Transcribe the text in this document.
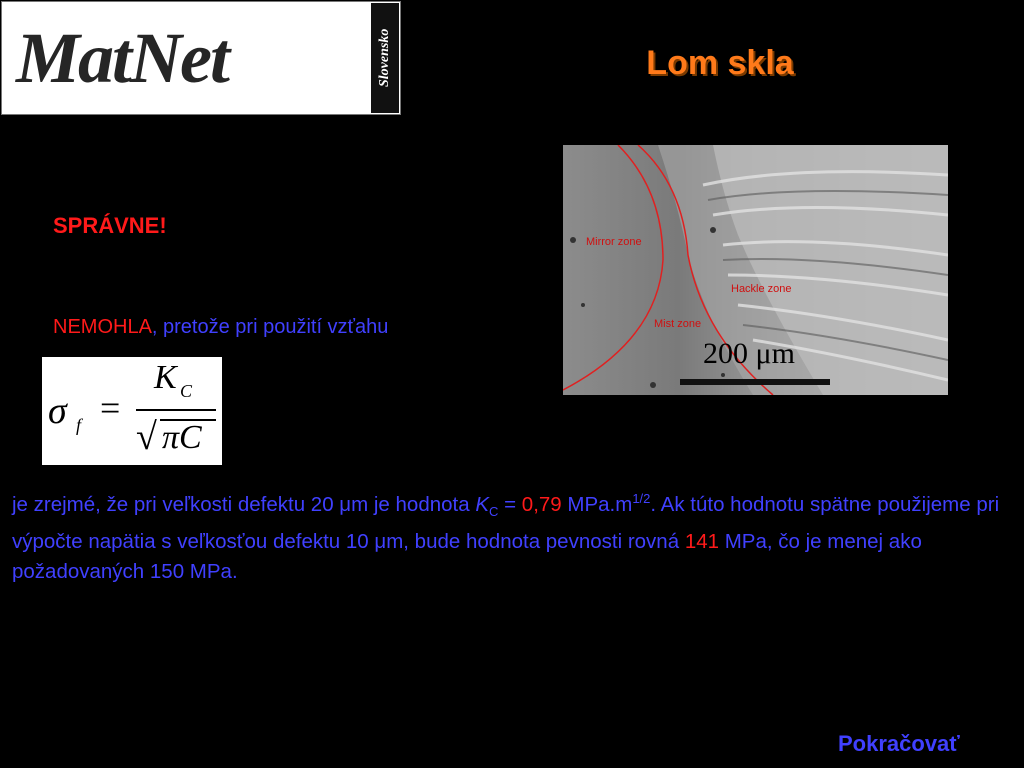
MatNet	Slovensko	Lom skla
Mirror zone
Hackle zone
Mist zone
200 μm
SPRÁVNE!
NEMOHLA, pretože pri použití vzťahu
σ f =
K C
√ πC
je zrejmé, že pri veľkosti defektu 20 μm je hodnota $K_C = 0,79$ $MPa.m^{1/2}$. Ak túto hodnotu spätne použijeme pri výpočte napätia s veľkosťou defektu 10 μm, bude hodnota pevnosti rovná 141 MPa, čo je menej ako požadovaných 150 MPa.
Pokračovať
